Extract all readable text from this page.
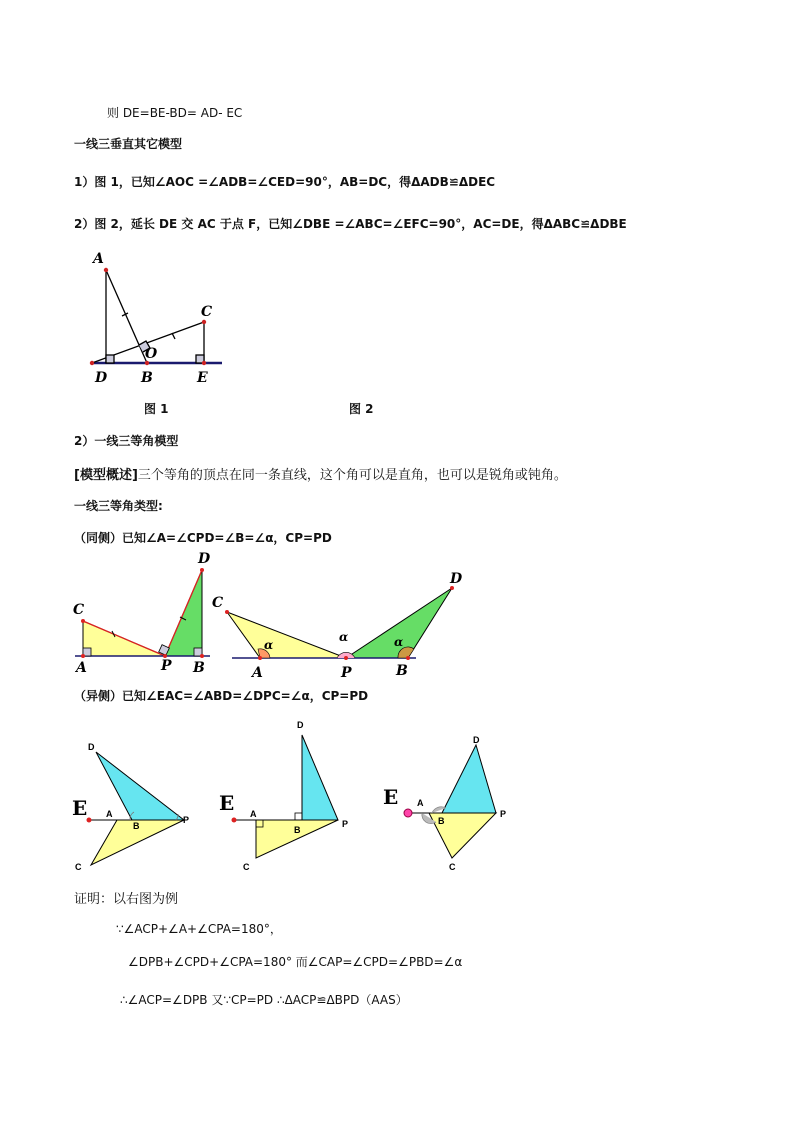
则 DE=BE-BD= AD- EC
一线三垂直其它模型
1）图 1，已知∠AOC =∠ADB=∠CED=90°，AB=DC，得ΔADB≌ΔDEC
2）图 2，延长 DE 交 AC 于点 F，已知∠DBE =∠ABC=∠EFC=90°，AC=DE，得ΔABC≌ΔDBE
A
C
O
D B	E
图 1	图 2
2）一线三等角模型
[模型概述]三个等角的顶点在同一条直线，这个角可以是直角，也可以是锐角或钝角。
一线三等角类型:
（同侧）已知∠A=∠CPD=∠B=∠α，CP=PD
C
D
A	P B
C
D
A	P	B
α
α	α
（异侧）已知∠EAC=∠ABD=∠DPC=∠α，CP=PD
E
D
A
B
P
C
E
D
A
B
P
C
E
D
A
B
P
C
证明：以右图为例
∵∠ACP+∠A+∠CPA=180°，
∠DPB+∠CPD+∠CPA=180° 而∠CAP=∠CPD=∠PBD=∠α
∴∠ACP=∠DPB 又∵CP=PD ∴ΔACP≌ΔBPD（AAS）
